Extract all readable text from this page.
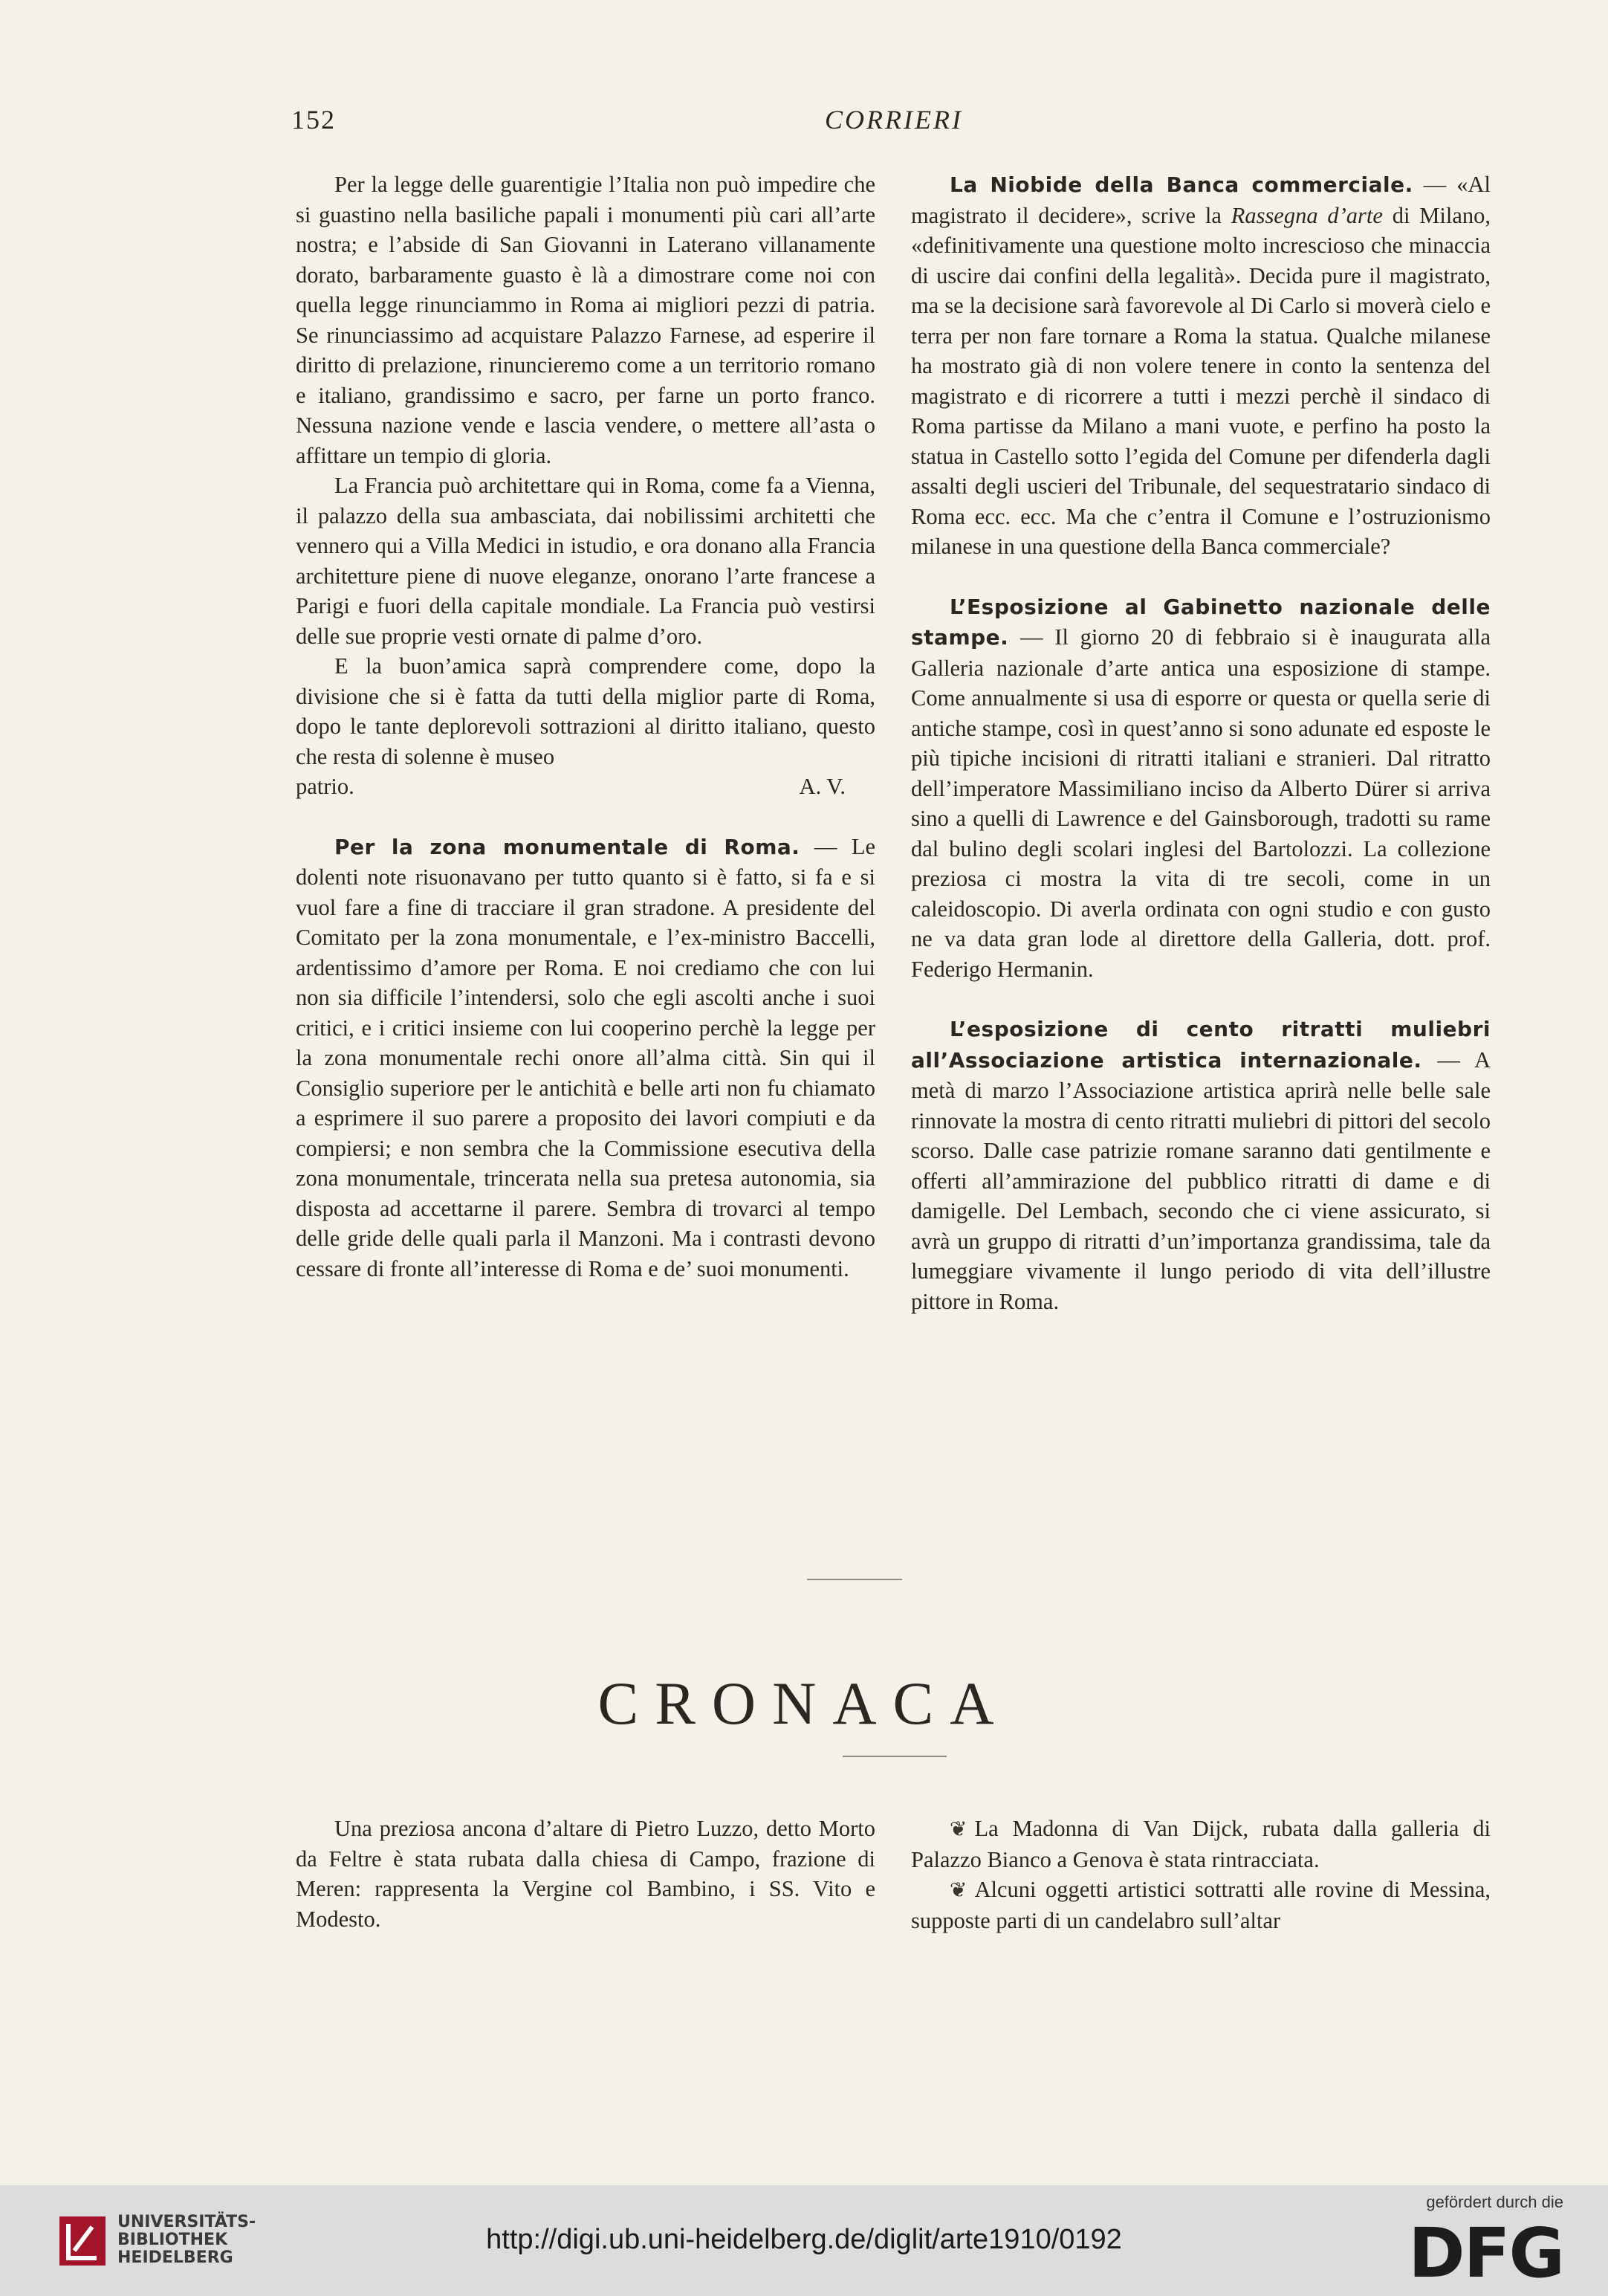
152	CORRIERI

Per la legge delle guarentigie l’Italia non può impedire che si guastino nella basiliche papali i monumenti più cari all’arte nostra; e l’abside di San Giovanni in Laterano villanamente dorato, barbaramente guasto è là a dimostrare come noi con quella legge rinunciammo in Roma ai migliori pezzi di patria. Se rinunciassimo ad acquistare Palazzo Farnese, ad esperire il diritto di prelazione, rinuncieremo come a un territorio romano e italiano, grandissimo e sacro, per farne un porto franco. Nessuna nazione vende e lascia vendere, o mettere all’asta o affittare un tempio di gloria.

La Francia può architettare qui in Roma, come fa a Vienna, il palazzo della sua ambasciata, dai nobilissimi architetti che vennero qui a Villa Medici in istudio, e ora donano alla Francia architetture piene di nuove eleganze, onorano l’arte francese a Parigi e fuori della capitale mondiale. La Francia può vestirsi delle sue proprie vesti ornate di palme d’oro.

E la buon’amica saprà comprendere come, dopo la divisione che si è fatta da tutti della miglior parte di Roma, dopo le tante deplorevoli sottrazioni al diritto italiano, questo che resta di solenne è museo

patrio.	A. V.

Per la zona monumentale di Roma. — Le dolenti note risuonavano per tutto quanto si è fatto, si fa e si vuol fare a fine di tracciare il gran stradone. A presidente del Comitato per la zona monumentale, e l’ex-ministro Baccelli, ardentissimo d’amore per Roma. E noi crediamo che con lui non sia difficile l’intendersi, solo che egli ascolti anche i suoi critici, e i critici insieme con lui cooperino perchè la legge per la zona monumentale rechi onore all’alma città. Sin qui il Consiglio superiore per le antichità e belle arti non fu chiamato a esprimere il suo parere a proposito dei lavori compiuti e da compiersi; e non sembra che la Commissione esecutiva della zona monumentale, trincerata nella sua pretesa autonomia, sia disposta ad accettarne il parere. Sembra di trovarci al tempo delle gride delle quali parla il Manzoni. Ma i contrasti devono cessare di fronte all’interesse di Roma e de’ suoi monumenti.

La Niobide della Banca commerciale. — «Al magistrato il decidere», scrive la Rassegna d’arte di Milano, «definitivamente una questione molto increscioso che minaccia di uscire dai confini della legalità». Decida pure il magistrato, ma se la decisione sarà favorevole al Di Carlo si moverà cielo e terra per non fare tornare a Roma la statua. Qualche milanese ha mostrato già di non volere tenere in conto la sentenza del magistrato e di ricorrere a tutti i mezzi perchè il sindaco di Roma partisse da Milano a mani vuote, e perfino ha posto la statua in Castello sotto l’egida del Comune per difenderla dagli assalti degli uscieri del Tribunale, del sequestratario sindaco di Roma ecc. ecc. Ma che c’entra il Comune e l’ostruzionismo milanese in una questione della Banca commerciale?

L’Esposizione al Gabinetto nazionale delle stampe. — Il giorno 20 di febbraio si è inaugurata alla Galleria nazionale d’arte antica una esposizione di stampe. Come annualmente si usa di esporre or questa or quella serie di antiche stampe, così in quest’anno si sono adunate ed esposte le più tipiche incisioni di ritratti italiani e stranieri. Dal ritratto dell’imperatore Massimiliano inciso da Alberto Dürer si arriva sino a quelli di Lawrence e del Gainsborough, tradotti su rame dal bulino degli scolari inglesi del Bartolozzi. La collezione preziosa ci mostra la vita di tre secoli, come in un caleidoscopio. Di averla ordinata con ogni studio e con gusto ne va data gran lode al direttore della Galleria, dott. prof. Federigo Hermanin.

L’esposizione di cento ritratti muliebri all’Associazione artistica internazionale. — A metà di marzo l’Associazione artistica aprirà nelle belle sale rinnovate la mostra di cento ritratti muliebri di pittori del secolo scorso. Dalle case patrizie romane saranno dati gentilmente e offerti all’ammirazione del pubblico ritratti di dame e di damigelle. Del Lembach, secondo che ci viene assicurato, si avrà un gruppo di ritratti d’un’importanza grandissima, tale da lumeggiare vivamente il lungo periodo di vita dell’illustre pittore in Roma.

CRONACA

Una preziosa ancona d’altare di Pietro Luzzo, detto Morto da Feltre è stata rubata dalla chiesa di Campo, frazione di Meren: rappresenta la Vergine col Bambino, i SS. Vito e Modesto.

❦ La Madonna di Van Dijck, rubata dalla galleria di Palazzo Bianco a Genova è stata rintracciata.

❦ Alcuni oggetti artistici sottratti alle rovine di Messina, supposte parti di un candelabro sull’altar

UNIVERSITÄTS-
BIBLIOTHEK
HEIDELBERG
http://digi.ub.uni-heidelberg.de/diglit/arte1910/0192
gefördert durch die
DFG
